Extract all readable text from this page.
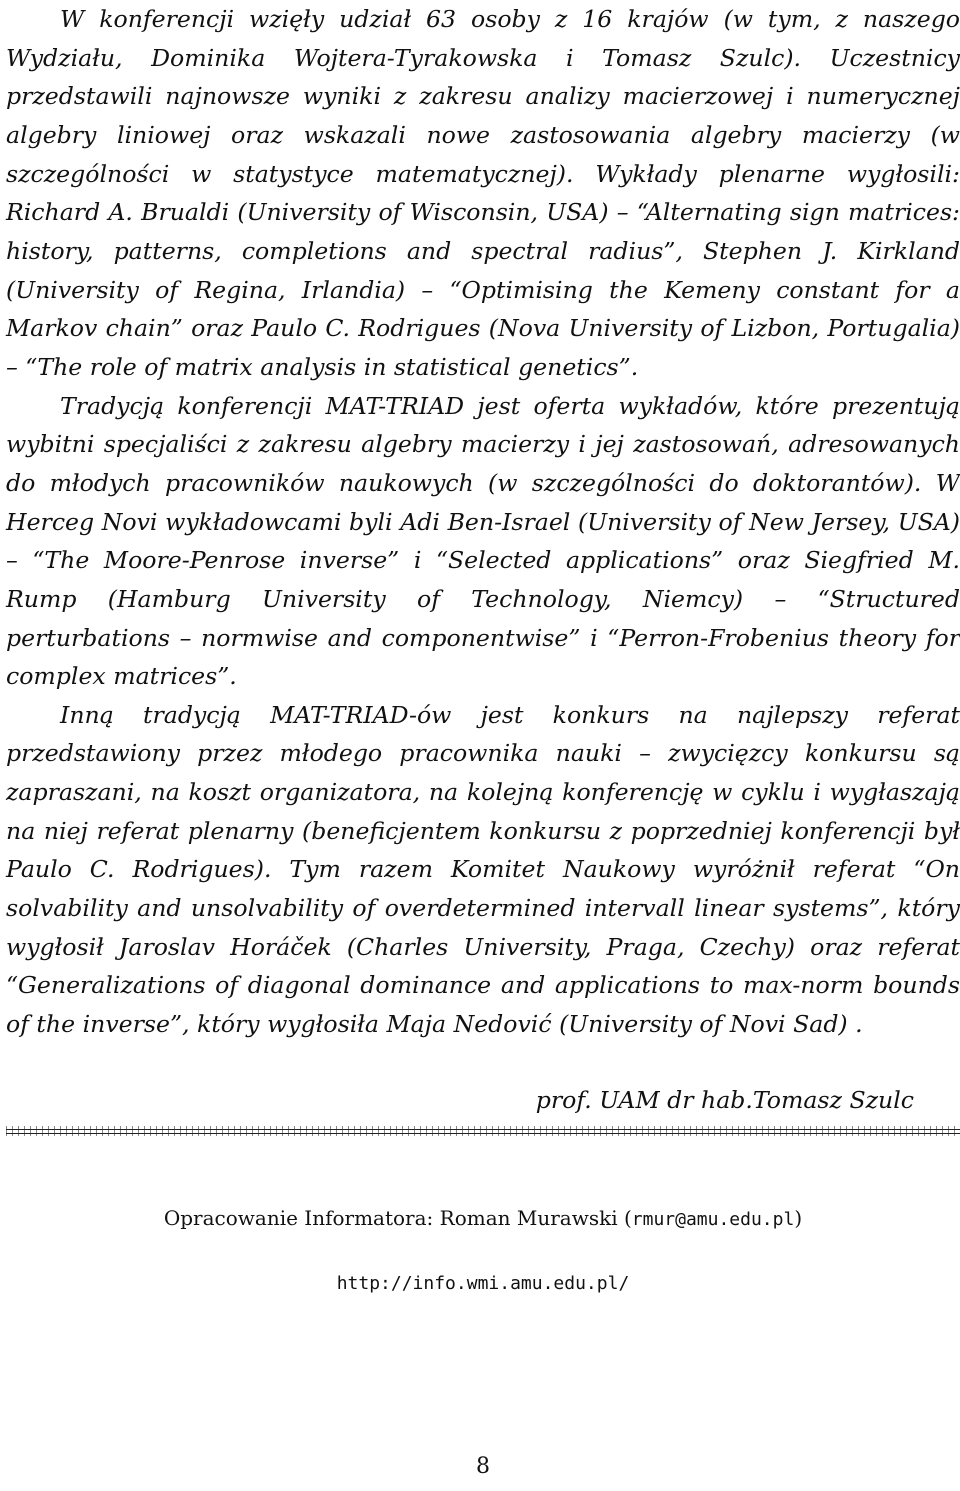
W konferencji wzięły udział 63 osoby z 16 krajów (w tym, z naszego Wydziału, Dominika Wojtera-Tyrakowska i Tomasz Szulc). Uczestnicy przedstawili najnowsze wyniki z zakresu analizy macierzowej i numerycznej algebry liniowej oraz wskazali nowe zastosowania algebry macierzy (w szczególności w statystyce matematycznej). Wykłady plenarne wygłosili: Richard A. Brualdi (University of Wisconsin, USA) – “Alternating sign matrices: history, patterns, completions and spectral radius”, Stephen J. Kirkland (University of Regina, Irlandia) – “Optimising the Kemeny constant for a Markov chain” oraz Paulo C. Rodrigues (Nova University of Lizbon, Portugalia) – “The role of matrix analysis in statistical genetics”.

Tradycją konferencji MAT-TRIAD jest oferta wykładów, które prezentują wybitni specjaliści z zakresu algebry macierzy i jej zastosowań, adresowanych do młodych pracowników naukowych (w szczególności do doktorantów). W Herceg Novi wykładowcami byli Adi Ben-Israel (University of New Jersey, USA) – “The Moore-Penrose inverse” i “Selected applications” oraz Siegfried M. Rump (Hamburg University of Technology, Niemcy) – “Structured perturbations – normwise and componentwise” i “Perron-Frobenius theory for complex matrices”.

Inną tradycją MAT-TRIAD-ów jest konkurs na najlepszy referat przedstawiony przez młodego pracownika nauki – zwycięzcy konkursu są zapraszani, na koszt organizatora, na kolejną konferencję w cyklu i wygłaszają na niej referat plenarny (beneficjentem konkursu z poprzedniej konferencji był Paulo C. Rodrigues). Tym razem Komitet Naukowy wyróżnił referat “On solvability and unsolvability of overdetermined intervall linear systems”, który wygłosił Jaroslav Horáček (Charles University, Praga, Czechy) oraz referat “Generalizations of diagonal dominance and applications to max-norm bounds of the inverse”, który wygłosiła Maja Nedović (University of Novi Sad) .

prof. UAM dr hab.Tomasz Szulc
Opracowanie Informatora: Roman Murawski (rmur@amu.edu.pl)
http://info.wmi.amu.edu.pl/
8
